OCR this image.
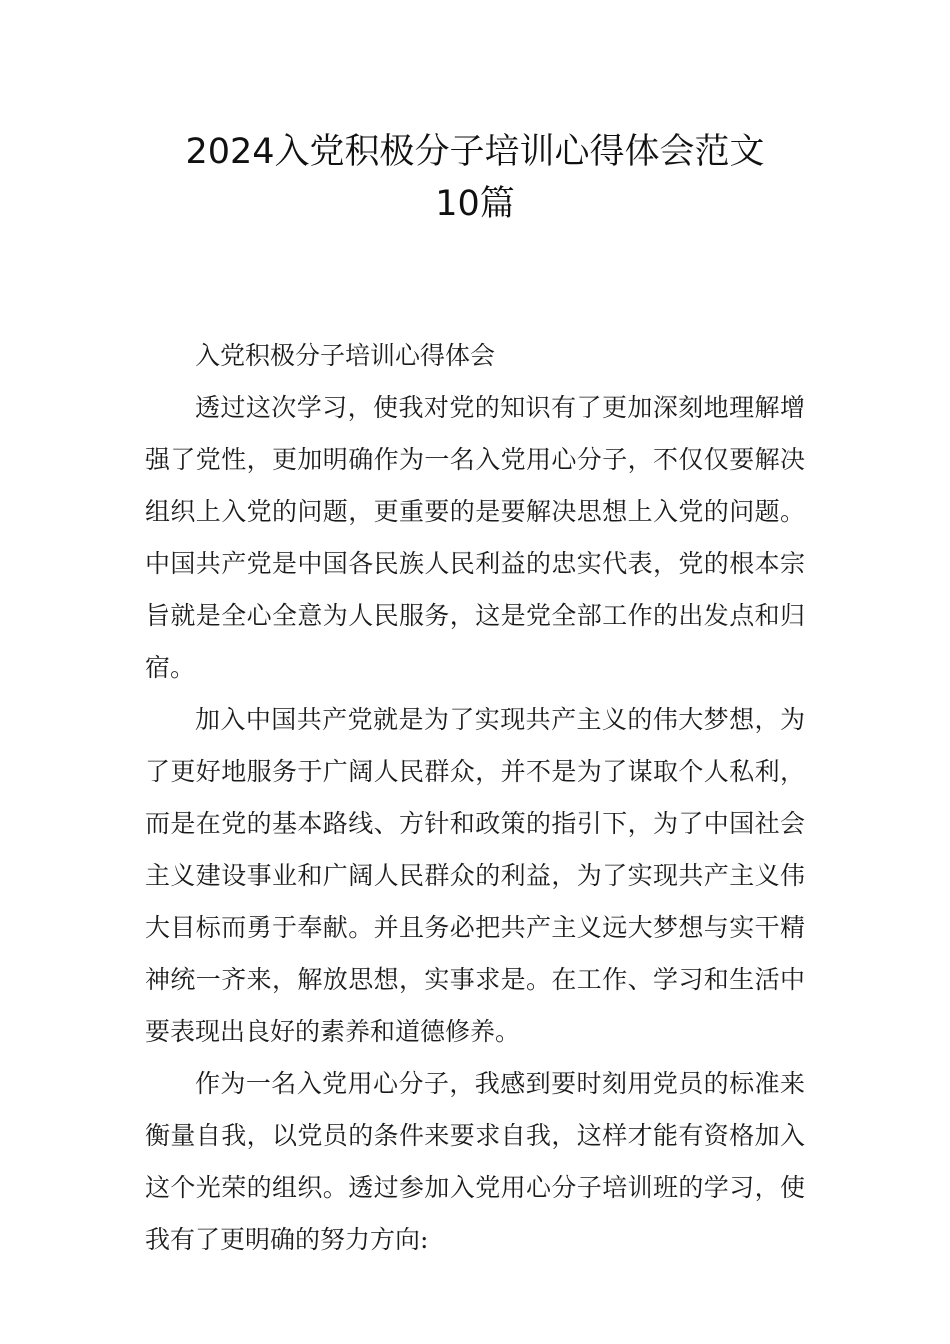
2024入党积极分子培训心得体会范文
10篇

入党积极分子培训心得体会

透过这次学习，使我对党的知识有了更加深刻地理解增强了党性，更加明确作为一名入党用心分子，不仅仅要解决组织上入党的问题，更重要的是要解决思想上入党的问题。中国共产党是中国各民族人民利益的忠实代表，党的根本宗旨就是全心全意为人民服务，这是党全部工作的出发点和归宿。

加入中国共产党就是为了实现共产主义的伟大梦想，为了更好地服务于广阔人民群众，并不是为了谋取个人私利，而是在党的基本路线、方针和政策的指引下，为了中国社会主义建设事业和广阔人民群众的利益，为了实现共产主义伟大目标而勇于奉献。并且务必把共产主义远大梦想与实干精神统一齐来，解放思想，实事求是。在工作、学习和生活中要表现出良好的素养和道德修养。

作为一名入党用心分子，我感到要时刻用党员的标准来衡量自我，以党员的条件来要求自我，这样才能有资格加入这个光荣的组织。透过参加入党用心分子培训班的学习，使我有了更明确的努力方向:
